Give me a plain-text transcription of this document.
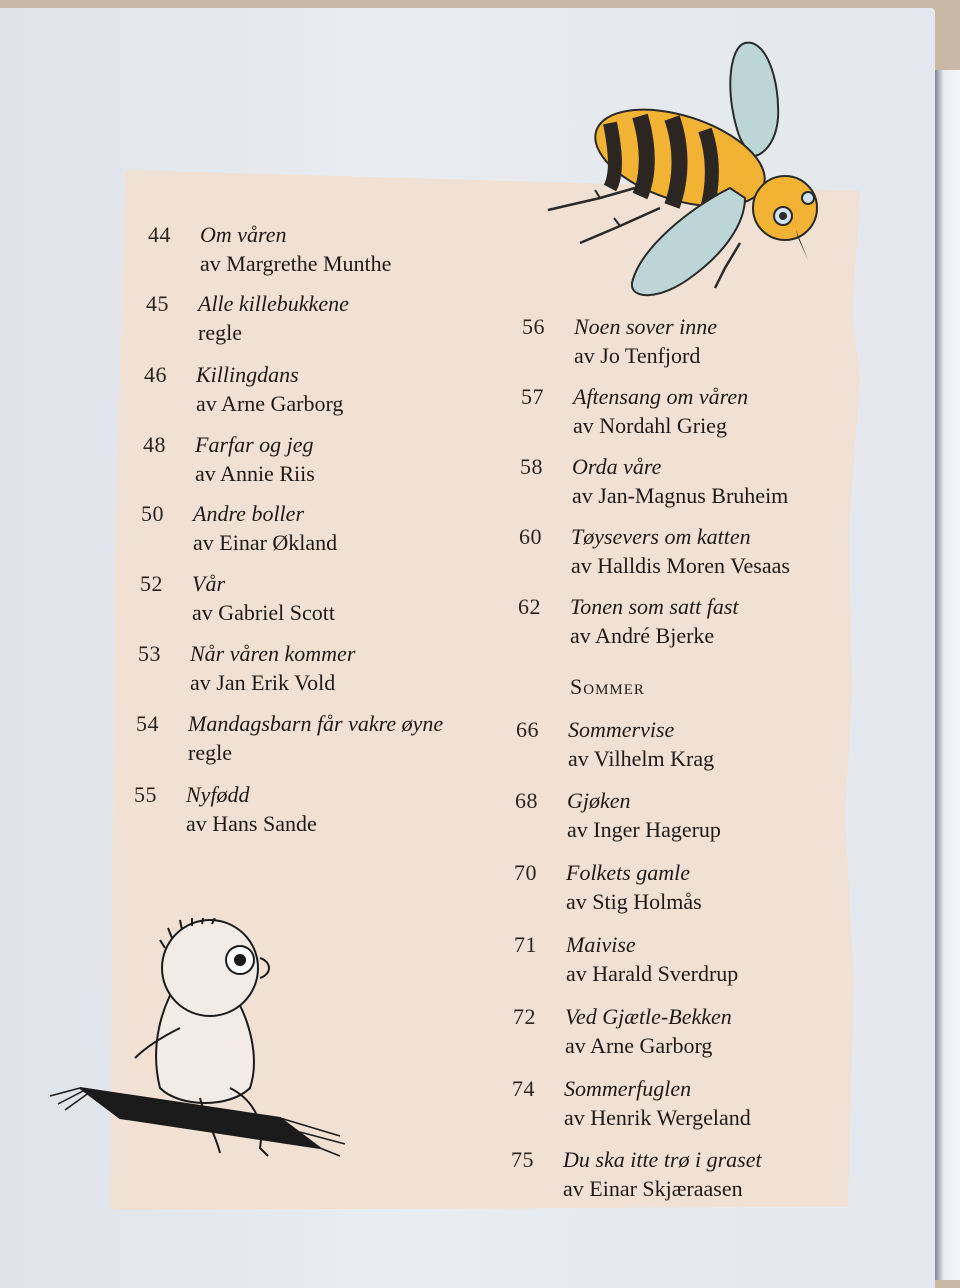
44	Om våren
av Margrethe Munthe
45	Alle killebukkene
regle
46	Killingdans
av Arne Garborg
48	Farfar og jeg
av Annie Riis
50	Andre boller
av Einar Økland
52	Vår
av Gabriel Scott
53	Når våren kommer
av Jan Erik Vold
54	Mandagsbarn får vakre øyne
regle
55	Nyfødd
av Hans Sande
56	Noen sover inne
av Jo Tenfjord
57	Aftensang om våren
av Nordahl Grieg
58	Orda våre
av Jan-Magnus Bruheim
60	Tøysevers om katten
av Halldis Moren Vesaas
62	Tonen som satt fast
av André Bjerke
Sommer
66	Sommervise
av Vilhelm Krag
68	Gjøken
av Inger Hagerup
70	Folkets gamle
av Stig Holmås
71	Maivise
av Harald Sverdrup
72	Ved Gjætle-Bekken
av Arne Garborg
74	Sommerfuglen
av Henrik Wergeland
75	Du ska itte trø i graset
av Einar Skjæraasen
